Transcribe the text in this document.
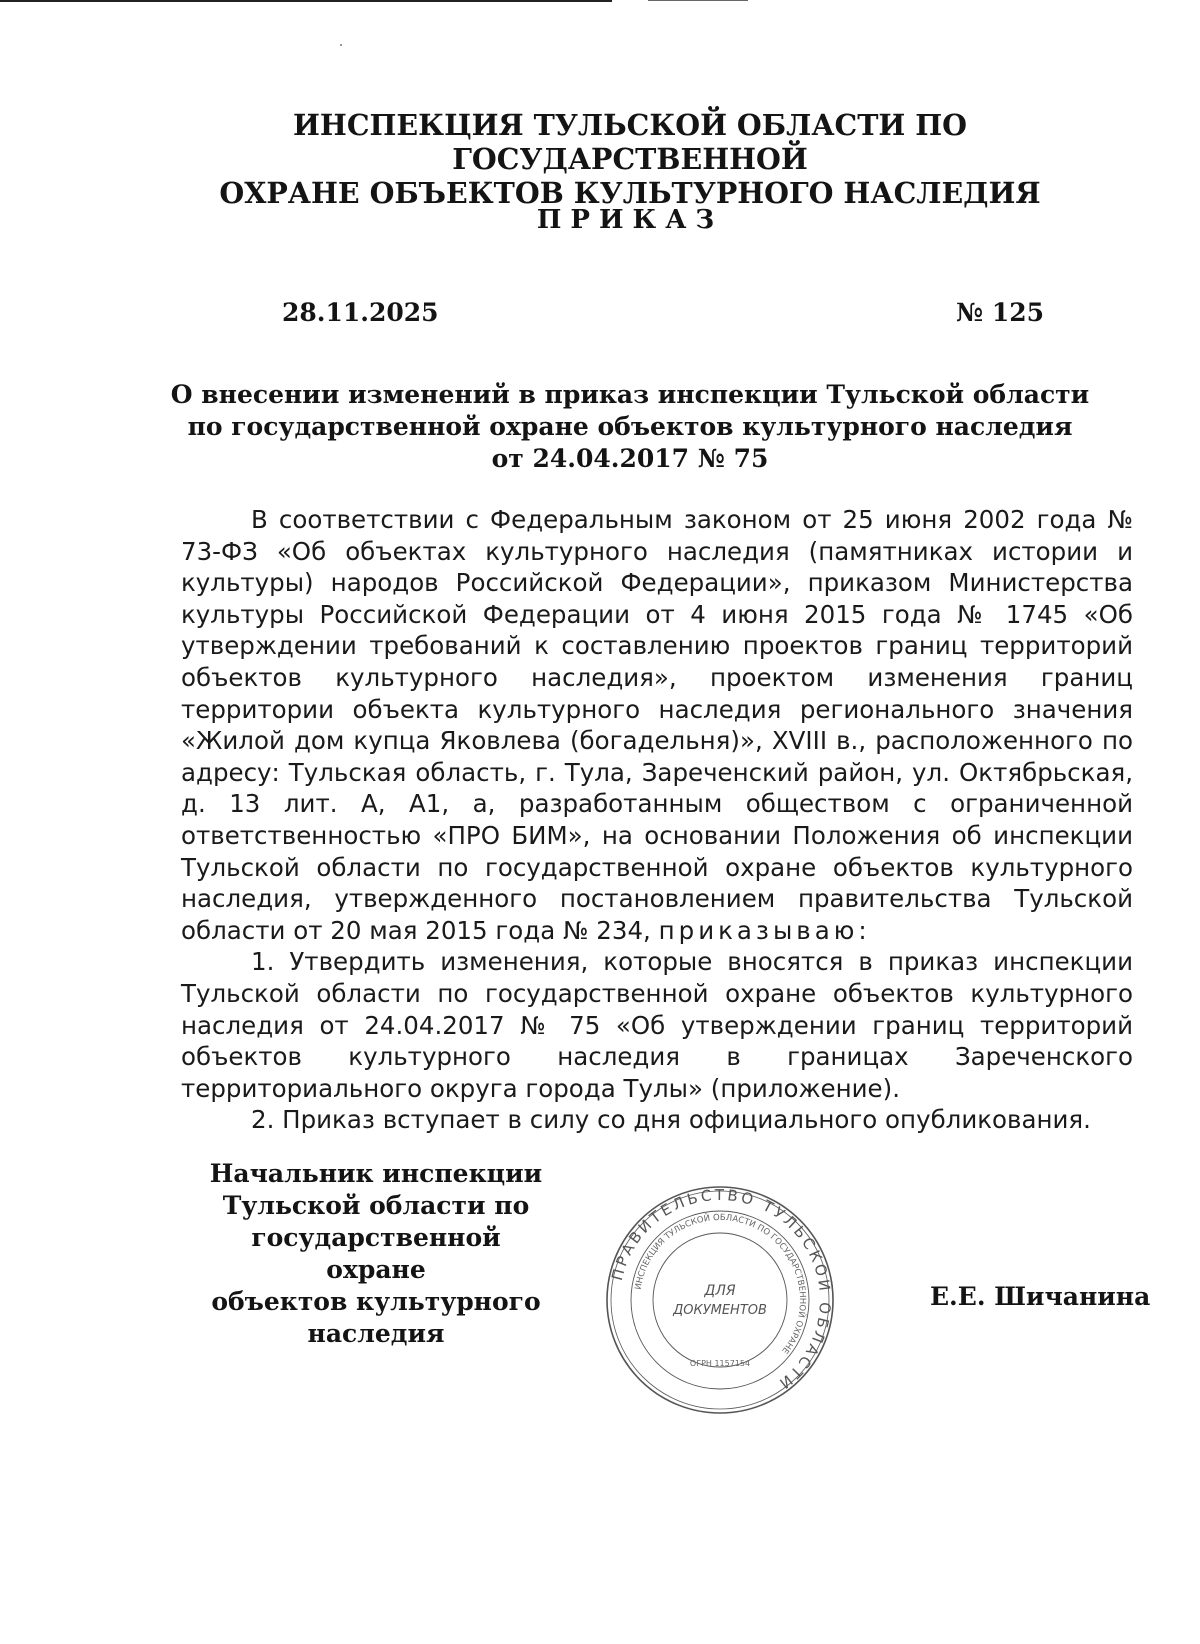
ИНСПЕКЦИЯ ТУЛЬСКОЙ ОБЛАСТИ ПО ГОСУДАРСТВЕННОЙ
ОХРАНЕ ОБЪЕКТОВ КУЛЬТУРНОГО НАСЛЕДИЯ
ПРИКАЗ
28.11.2025	№ 125
О внесении изменений в приказ инспекции Тульской области
по государственной охране объектов культурного наследия
от 24.04.2017 № 75

В соответствии с Федеральным законом от 25 июня 2002 года № 73-ФЗ «Об объектах культурного наследия (памятниках истории и культуры) народов Российской Федерации», приказом Министерства культуры Российской Федерации от 4 июня 2015 года № 1745 «Об утверждении требований к составлению проектов границ территорий объектов культурного наследия», проектом изменения границ территории объекта культурного наследия регионального значения «Жилой дом купца Яковлева (богадельня)», XVIII в., расположенного по адресу: Тульская область, г. Тула, Зареченский район, ул. Октябрьская, д. 13 лит. А, А1, а, разработанным обществом с ограниченной ответственностью «ПРО БИМ», на основании Положения об инспекции Тульской области по государственной охране объектов культурного наследия, утвержденного постановлением правительства Тульской области от 20 мая 2015 года № 234, приказываю:

1. Утвердить изменения, которые вносятся в приказ инспекции Тульской области по государственной охране объектов культурного наследия от 24.04.2017 № 75 «Об утверждении границ территорий объектов культурного наследия в границах Зареченского территориального округа города Тулы» (приложение).

2. Приказ вступает в силу со дня официального опубликования.

Начальник инспекции
Тульской области по
государственной охране
объектов культурного
наследия
ПРАВИТЕЛЬСТВО ТУЛЬСКОЙ ОБЛАСТИ
ИНСПЕКЦИЯ ТУЛЬСКОЙ ОБЛАСТИ ПО ГОСУДАРСТВЕННОЙ ОХРАНЕ
ДЛЯ
ДОКУМЕНТОВ
ОГРН 1157154
Е.Е. Шичанина
